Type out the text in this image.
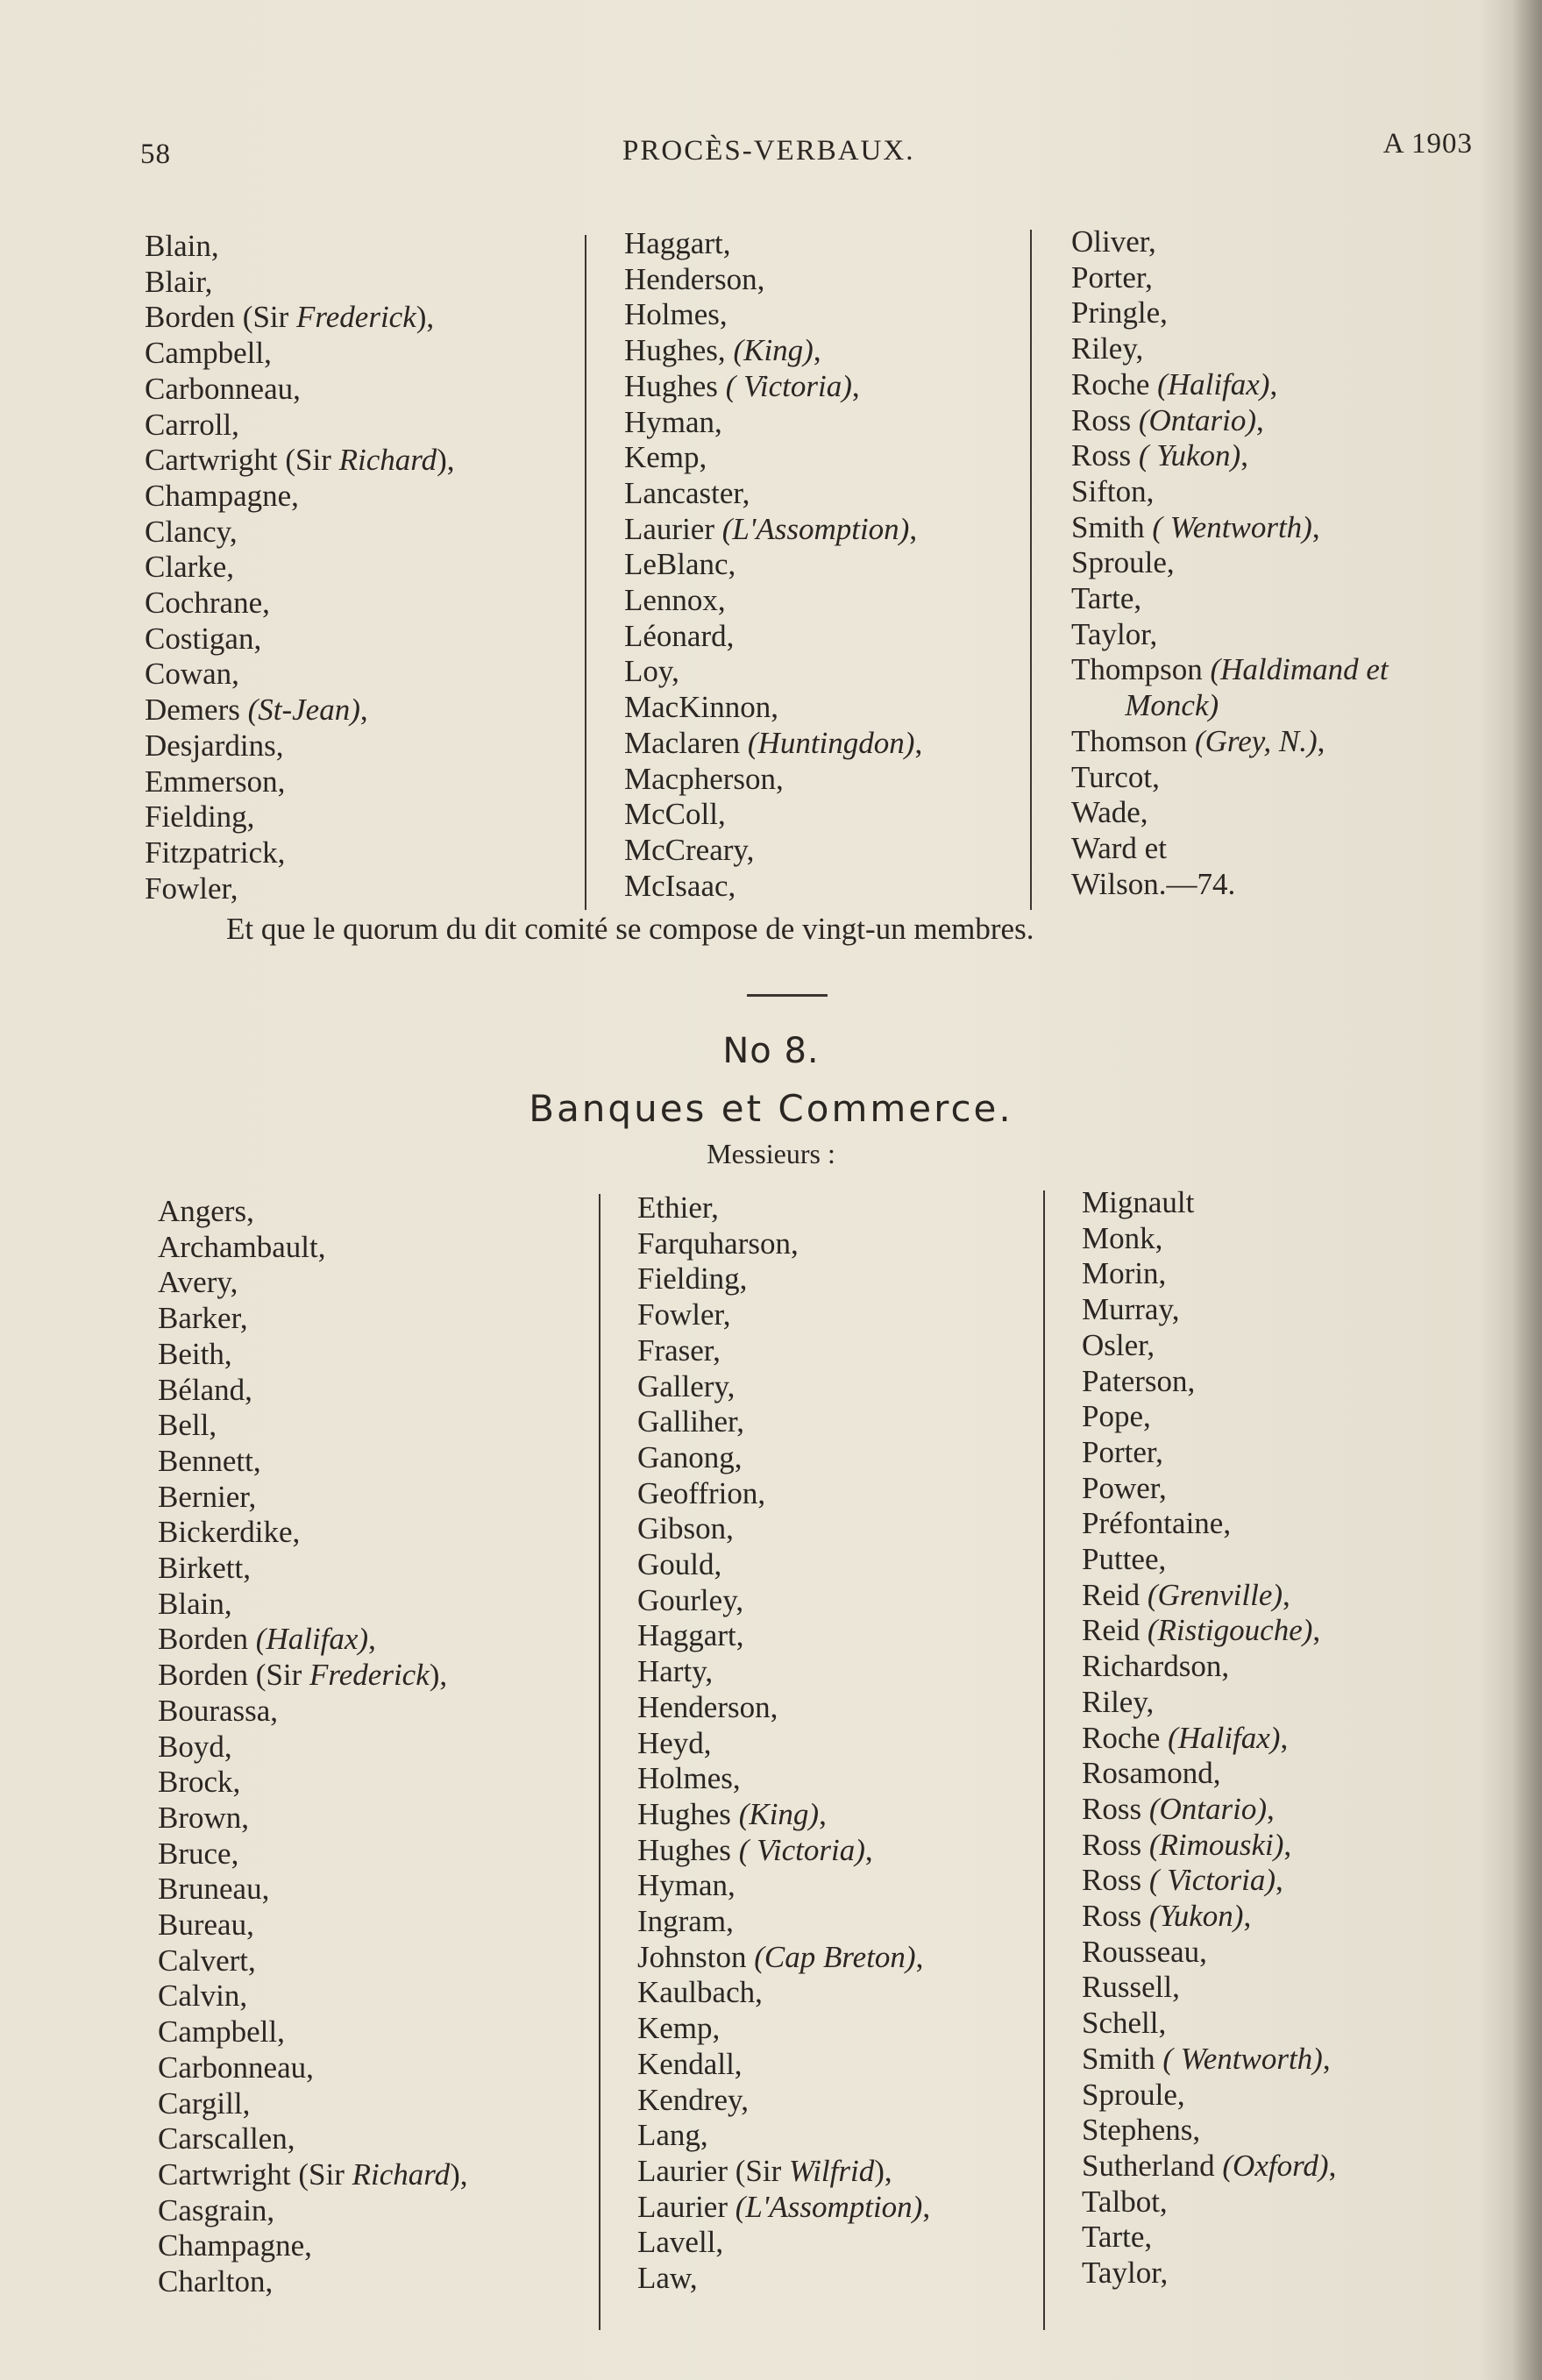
58	PROCÈS-VERBAUX.	A 1903
Blain,
Blair,
Borden (Sir Frederick),
Campbell,
Carbonneau,
Carroll,
Cartwright (Sir Richard),
Champagne,
Clancy,
Clarke,
Cochrane,
Costigan,
Cowan,
Demers (St-Jean),
Desjardins,
Emmerson,
Fielding,
Fitzpatrick,
Fowler,
Haggart,
Henderson,
Holmes,
Hughes, (King),
Hughes ( Victoria),
Hyman,
Kemp,
Lancaster,
Laurier (L'Assomption),
LeBlanc,
Lennox,
Léonard,
Loy,
MacKinnon,
Maclaren (Huntingdon),
Macpherson,
McColl,
McCreary,
McIsaac,
Oliver,
Porter,
Pringle,
Riley,
Roche (Halifax),
Ross (Ontario),
Ross ( Yukon),
Sifton,
Smith ( Wentworth),
Sproule,
Tarte,
Taylor,
Thompson (Haldimand et
Monck)
Thomson (Grey, N.),
Turcot,
Wade,
Ward et
Wilson.—74.
Et que le quorum du dit comité se compose de vingt-un membres.
No 8.
Banques et Commerce.
Messieurs :
Angers,
Archambault,
Avery,
Barker,
Beith,
Béland,
Bell,
Bennett,
Bernier,
Bickerdike,
Birkett,
Blain,
Borden (Halifax),
Borden (Sir Frederick),
Bourassa,
Boyd,
Brock,
Brown,
Bruce,
Bruneau,
Bureau,
Calvert,
Calvin,
Campbell,
Carbonneau,
Cargill,
Carscallen,
Cartwright (Sir Richard),
Casgrain,
Champagne,
Charlton,
Ethier,
Farquharson,
Fielding,
Fowler,
Fraser,
Gallery,
Galliher,
Ganong,
Geoffrion,
Gibson,
Gould,
Gourley,
Haggart,
Harty,
Henderson,
Heyd,
Holmes,
Hughes (King),
Hughes ( Victoria),
Hyman,
Ingram,
Johnston (Cap Breton),
Kaulbach,
Kemp,
Kendall,
Kendrey,
Lang,
Laurier (Sir Wilfrid),
Laurier (L'Assomption),
Lavell,
Law,
Mignault
Monk,
Morin,
Murray,
Osler,
Paterson,
Pope,
Porter,
Power,
Préfontaine,
Puttee,
Reid (Grenville),
Reid (Ristigouche),
Richardson,
Riley,
Roche (Halifax),
Rosamond,
Ross (Ontario),
Ross (Rimouski),
Ross ( Victoria),
Ross (Yukon),
Rousseau,
Russell,
Schell,
Smith ( Wentworth),
Sproule,
Stephens,
Sutherland (Oxford),
Talbot,
Tarte,
Taylor,
